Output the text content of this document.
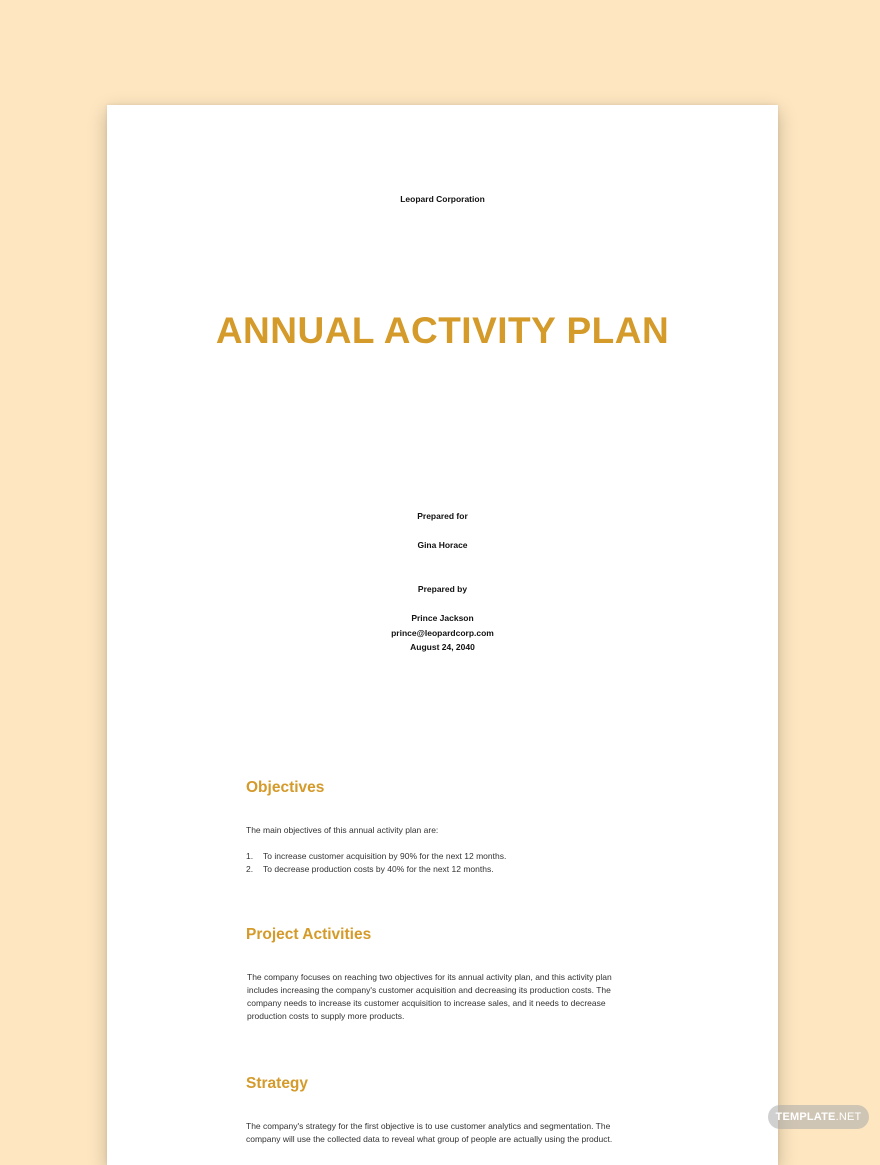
Leopard Corporation
ANNUAL ACTIVITY PLAN
Prepared for
Gina Horace
Prepared by
Prince Jackson
prince@leopardcorp.com
August 24, 2040
Objectives
The main objectives of this annual activity plan are:
1.	To increase customer acquisition by 90% for the next 12 months.
2.	To decrease production costs by 40% for the next 12 months.
Project Activities
The company focuses on reaching two objectives for its annual activity plan, and this activity plan includes increasing the company's customer acquisition and decreasing its production costs. The company needs to increase its customer acquisition to increase sales, and it needs to decrease production costs to supply more products.
Strategy
The company's strategy for the first objective is to use customer analytics and segmentation. The company will use the collected data to reveal what group of people are actually using the product.
TEMPLATE.NET
